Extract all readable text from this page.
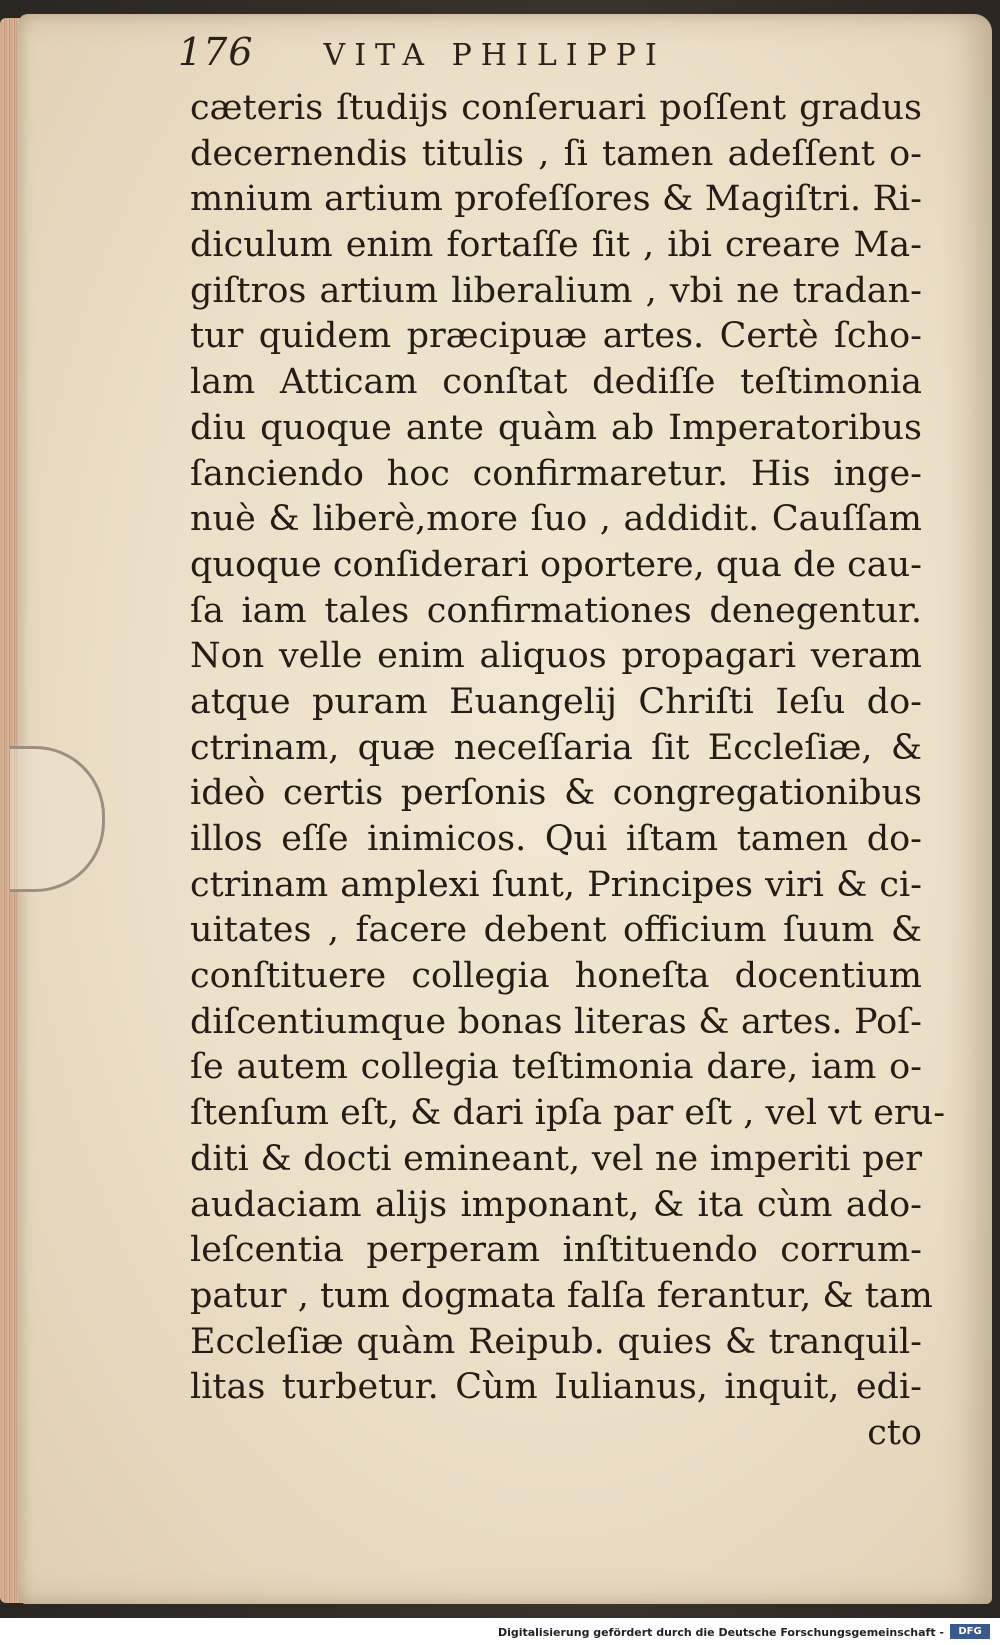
176 VITA PHILIPPI
cæteris ſtudijs conſeruari poſſent gradus
decernendis titulis , ſi tamen adeſſent o-
mnium artium profeſſores & Magiſtri. Ri-
diculum enim fortaſſe ſit , ibi creare Ma-
giſtros artium liberalium , vbi ne tradan-
tur quidem præcipuæ artes. Certè ſcho-
lam Atticam conſtat dediſſe teſtimonia
diu quoque ante quàm ab Imperatoribus
ſanciendo hoc confirmaretur. His inge-
nuè & liberè,more ſuo , addidit. Cauſſam
quoque conſiderari oportere, qua de cau-
ſa iam tales confirmationes denegentur.
Non velle enim aliquos propagari veram
atque puram Euangelij Chriſti Ieſu do-
ctrinam, quæ neceſſaria ſit Eccleſiæ, &
ideò certis perſonis & congregationibus
illos eſſe inimicos. Qui iſtam tamen do-
ctrinam amplexi ſunt, Principes viri & ci-
uitates , facere debent officium ſuum &
conſtituere collegia honeſta docentium
diſcentiumque bonas literas & artes. Poſ-
ſe autem collegia teſtimonia dare, iam o-
ſtenſum eſt, & dari ipſa par eſt , vel vt eru-
diti & docti emineant, vel ne imperiti per
audaciam alijs imponant, & ita cùm ado-
leſcentia perperam inſtituendo corrum-
patur , tum dogmata falſa ferantur, & tam
Eccleſiæ quàm Reipub. quies & tranquil-
litas turbetur. Cùm Iulianus, inquit, edi-
cto
Digitalisierung gefördert durch die Deutsche Forschungsgemeinschaft -	DFG
